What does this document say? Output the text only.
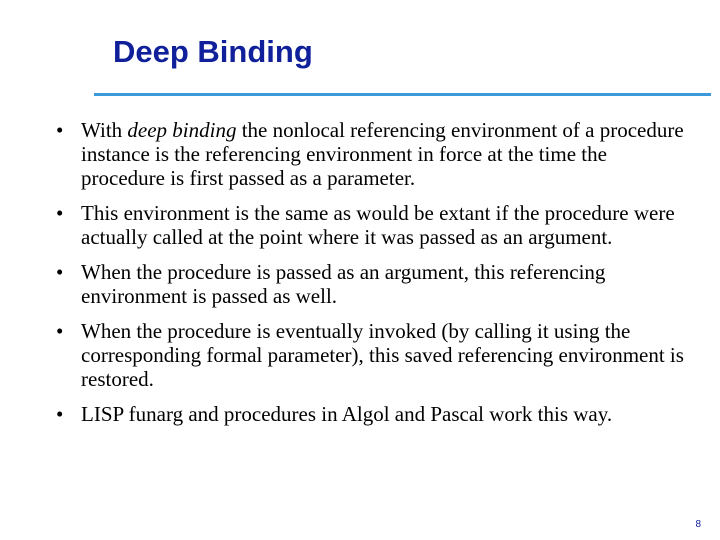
Deep Binding
• With deep binding the nonlocal referencing environment of a procedure instance is the referencing environment in force at the time the procedure is first passed as a parameter.
• This environment is the same as would be extant if the procedure were actually called at the point where it was passed as an argument.
• When the procedure is passed as an argument, this referencing environment is passed as well.
• When the procedure is eventually invoked (by calling it using the corresponding formal parameter), this saved referencing environment is restored.
• LISP funarg and procedures in Algol and Pascal work this way.
8
